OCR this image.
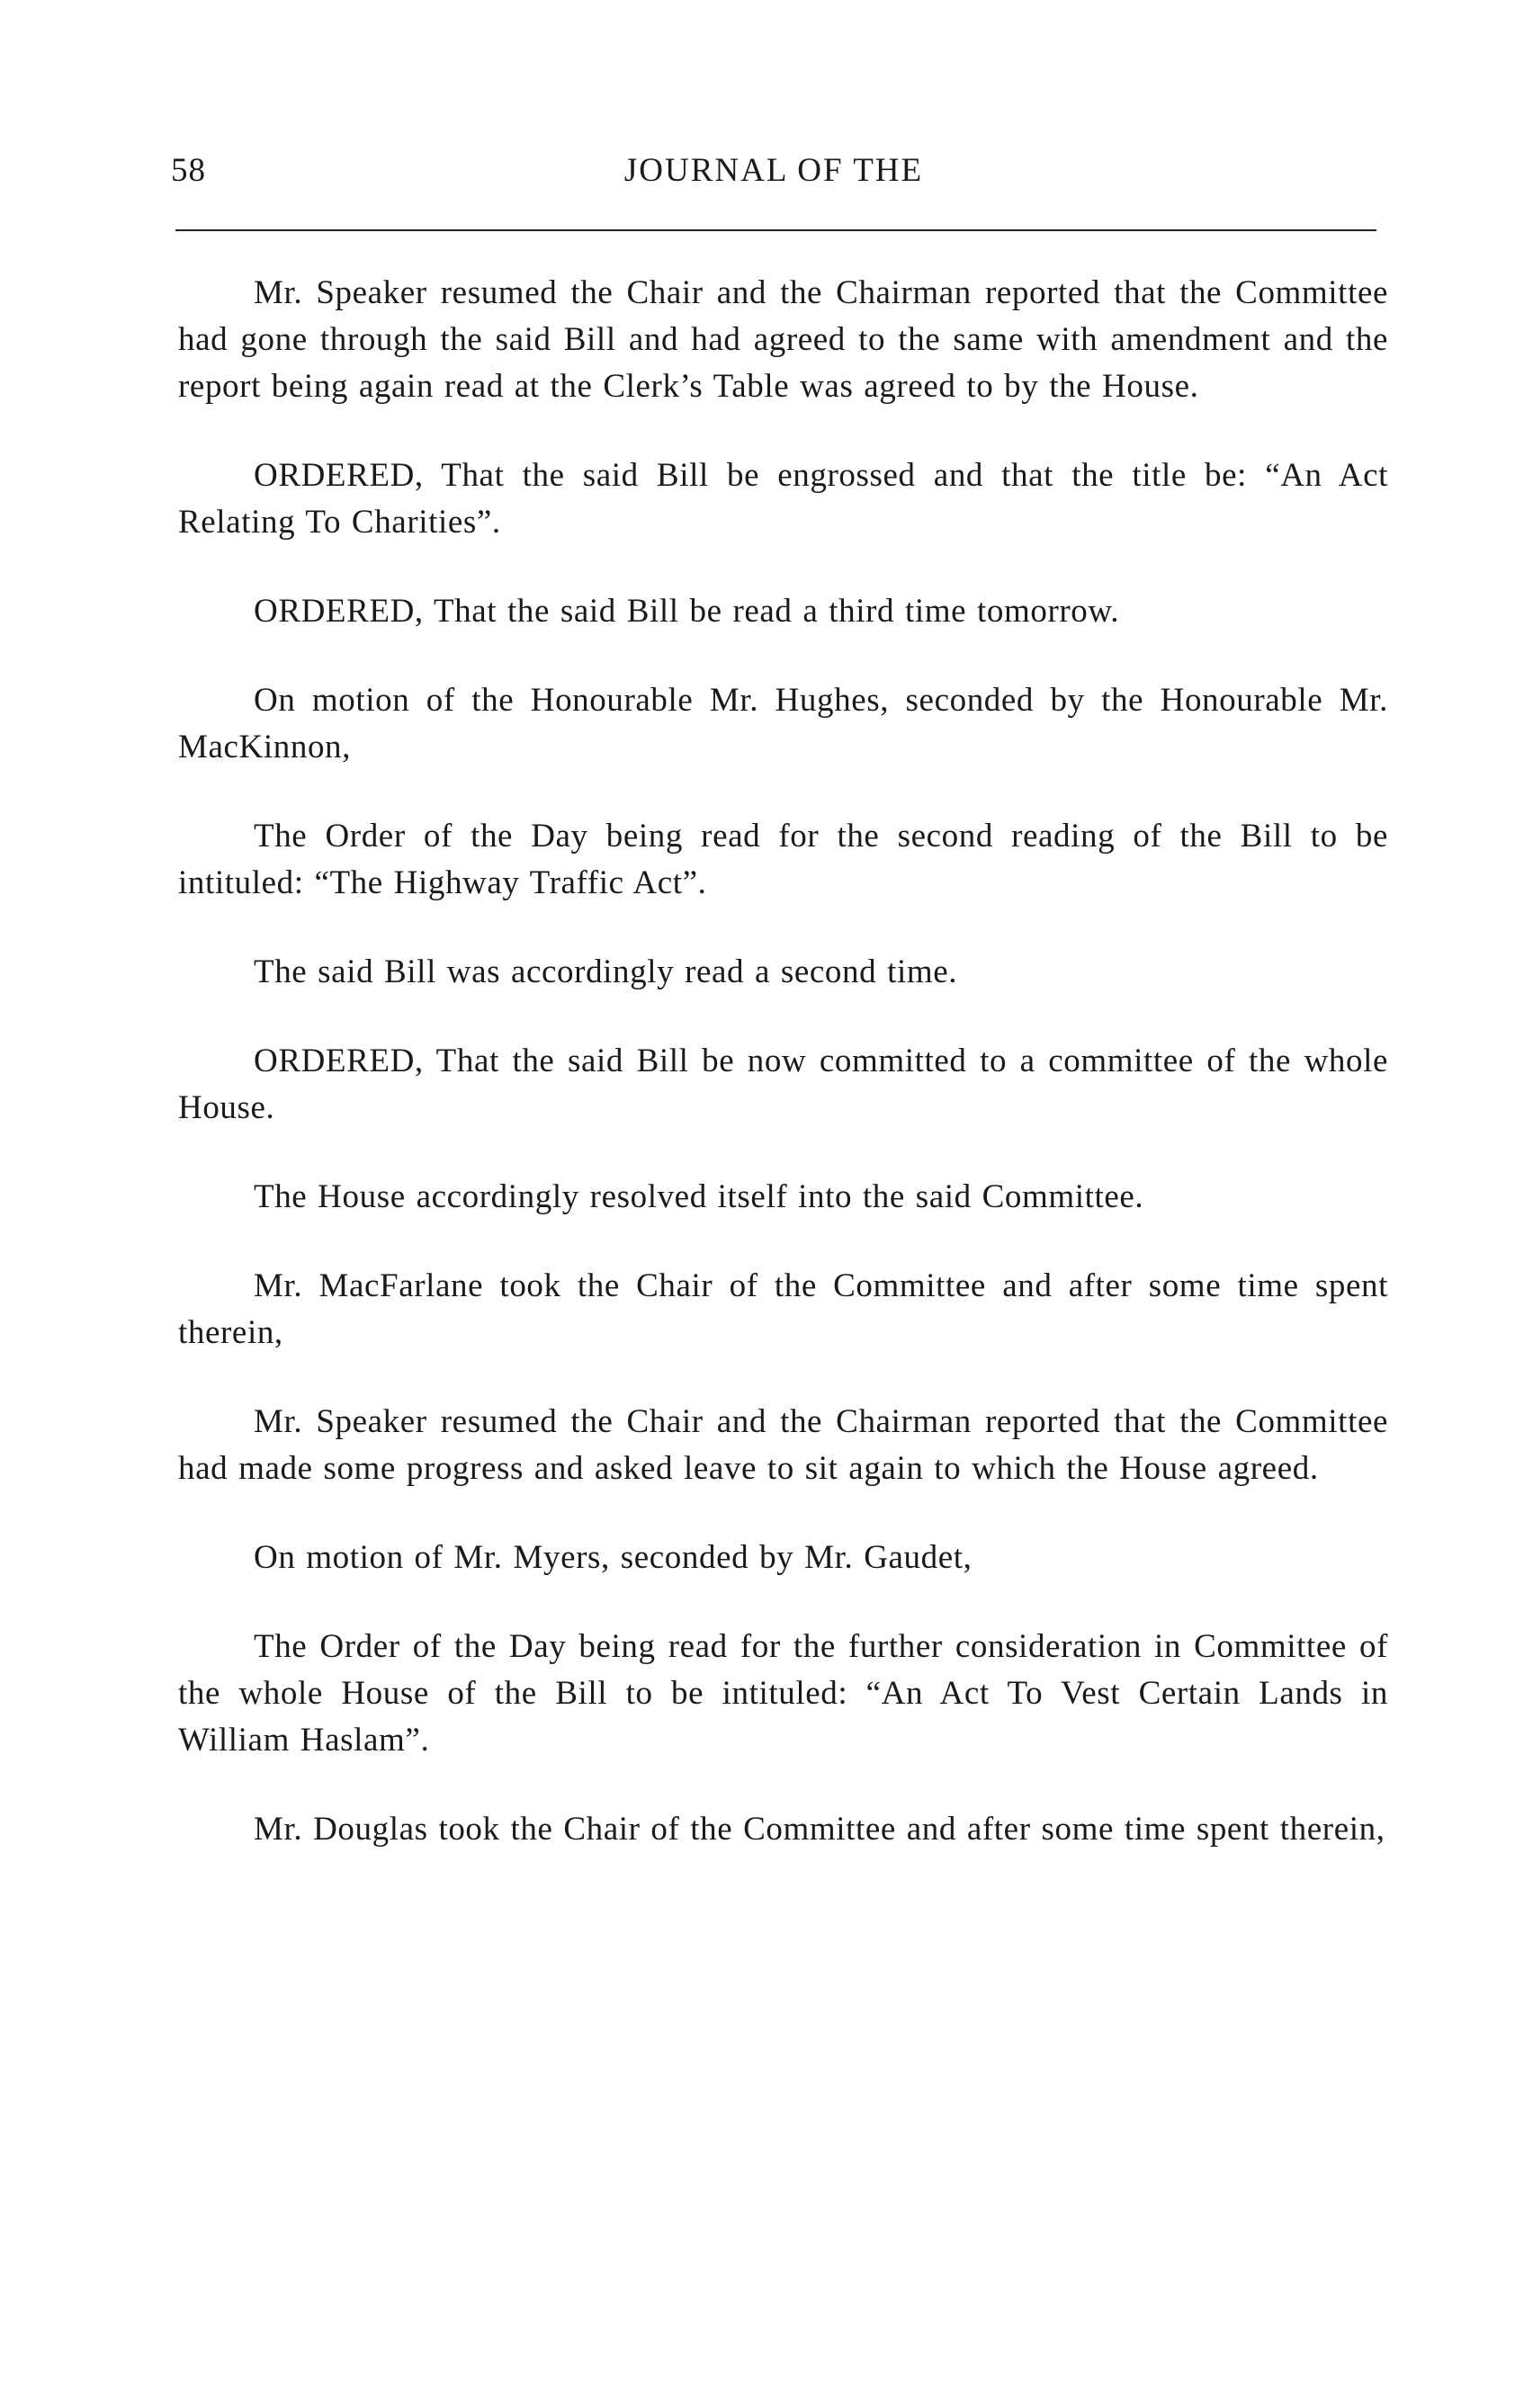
58	JOURNAL OF THE

Mr. Speaker resumed the Chair and the Chairman reported that the Committee had gone through the said Bill and had agreed to the same with amendment and the report being again read at the Clerk’s Table was agreed to by the House.

ORDERED, That the said Bill be engrossed and that the title be: “An Act Relating To Charities”.

ORDERED, That the said Bill be read a third time tomorrow.

On motion of the Honourable Mr. Hughes, seconded by the Honourable Mr. MacKinnon,

The Order of the Day being read for the second reading of the Bill to be intituled: “The Highway Traffic Act”.

The said Bill was accordingly read a second time.

ORDERED, That the said Bill be now committed to a committee of the whole House.

The House accordingly resolved itself into the said Committee.

Mr. MacFarlane took the Chair of the Committee and after some time spent therein,

Mr. Speaker resumed the Chair and the Chairman reported that the Committee had made some progress and asked leave to sit again to which the House agreed.

On motion of Mr. Myers, seconded by Mr. Gaudet,

The Order of the Day being read for the further consideration in Committee of the whole House of the Bill to be intituled: “An Act To Vest Certain Lands in William Haslam”.

Mr. Douglas took the Chair of the Committee and after some time spent therein,
